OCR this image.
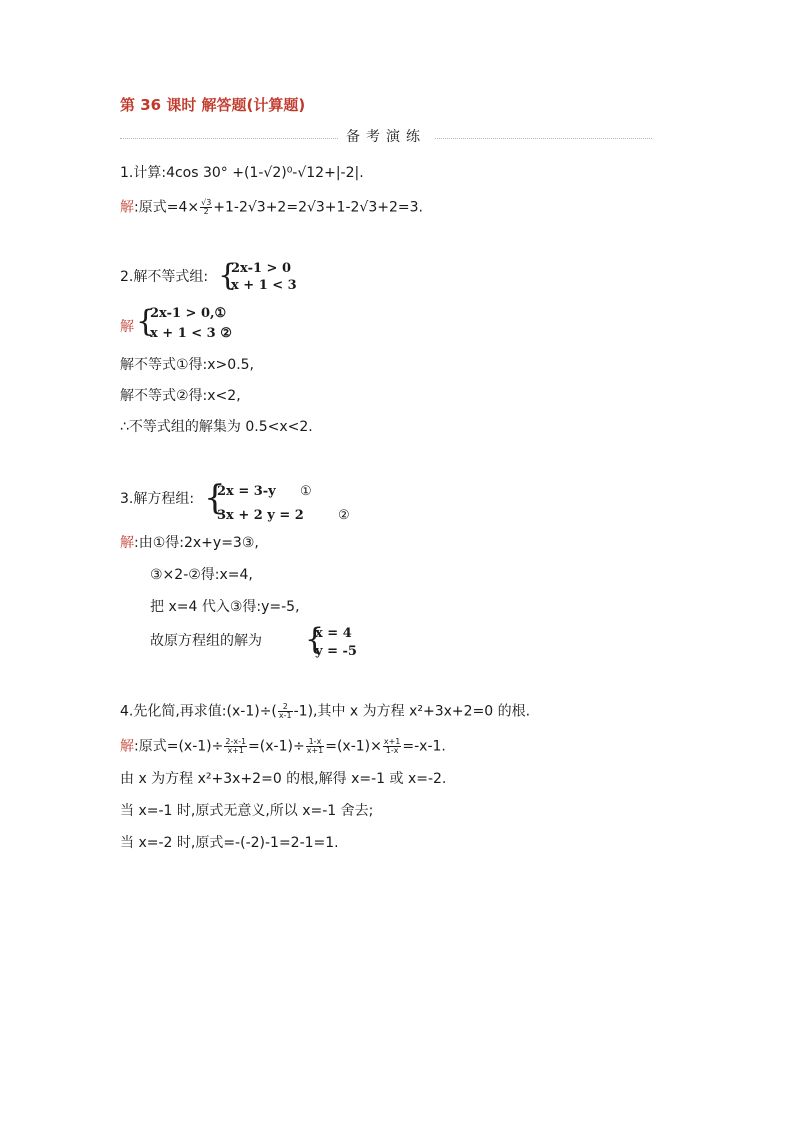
第 36 课时 解答题(计算题)
备考演练
1.计算:4cos 30° +(1-√2)⁰-√12+|-2|.
解:原式$=4\times \frac{√3}{2} +1-2√3+2=2√3+1-2√3+2=3$.
2.解不等式组: {
2x-1 > 0
x + 1 < 3
解 {
2x-1 > 0,①
x + 1 < 3 ②
解不等式①得:x>0.5,
解不等式②得:x<2,
∴不等式组的解集为 0.5<x<2.
3.解方程组: {
2x = 3-y ①
3x + 2 y = 2	②
解:由①得:2x+y=3③,
③×2-②得:x=4,
把 x=4 代入③得:y=-5,
故原方程组的解为 {
x = 4
y = -5
4.先化简,再求值:(x-1)÷( $\frac{2}{x-1} -1$),其中 x 为方程 x²+3x+2=0 的根.
解:原式$=(x-1)\div \frac{2-x-1}{x+1} =(x-1)\div \frac{1-x}{x+1} =(x-1)\times \frac{x+1}{1-x} =-x-1$.
由 x 为方程 x²+3x+2=0 的根,解得 x=-1 或 x=-2.
当 x=-1 时,原式无意义,所以 x=-1 舍去;
当 x=-2 时,原式=-(-2)-1=2-1=1.
